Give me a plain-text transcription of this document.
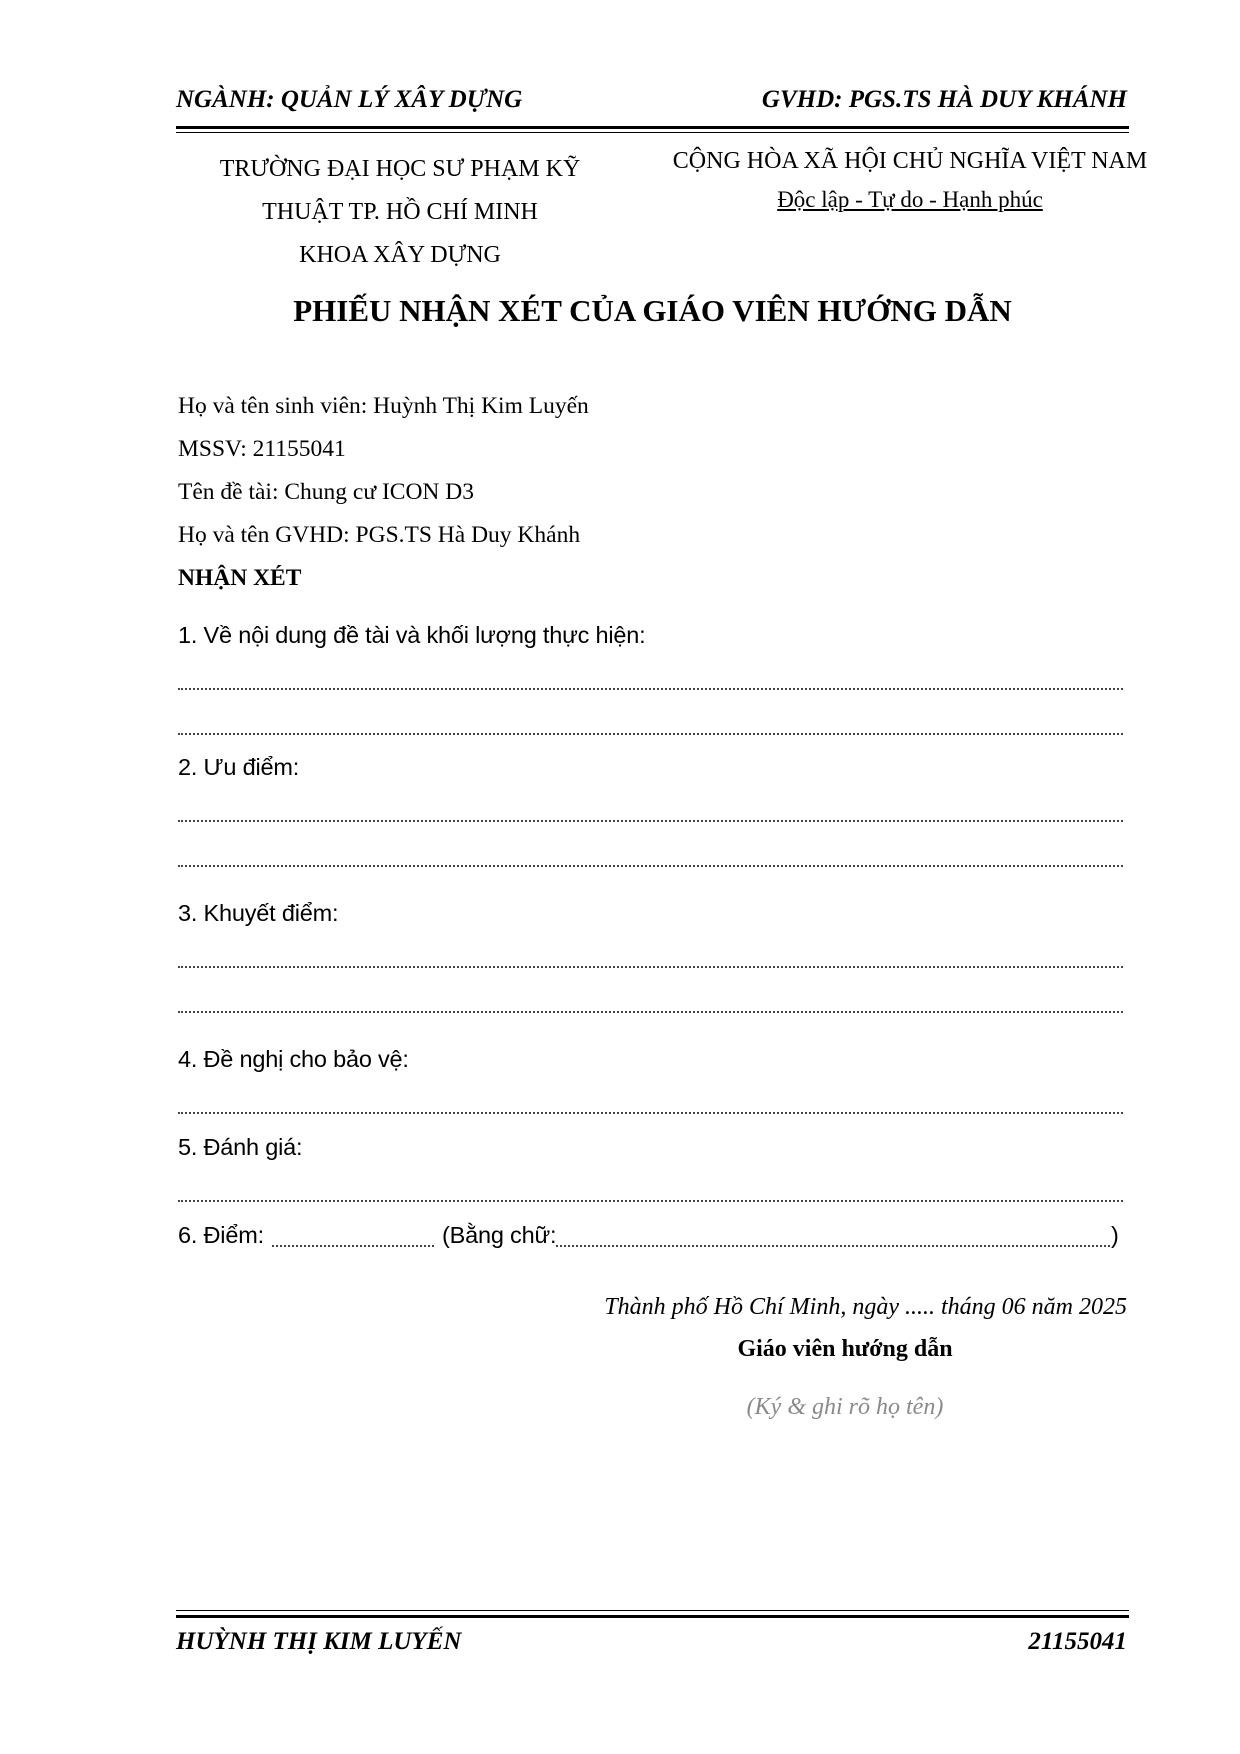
NGÀNH: QUẢN LÝ XÂY DỰNG	GVHD: PGS.TS HÀ DUY KHÁNH
TRƯỜNG ĐẠI HỌC SƯ PHẠM KỸ
THUẬT TP. HỒ CHÍ MINH
KHOA XÂY DỰNG
CỘNG HÒA XÃ HỘI CHỦ NGHĨA VIỆT NAM
Độc lập - Tự do - Hạnh phúc
PHIẾU NHẬN XÉT CỦA GIÁO VIÊN HƯỚNG DẪN
Họ và tên sinh viên: Huỳnh Thị Kim Luyến
MSSV: 21155041
Tên đề tài: Chung cư ICON D3
Họ và tên GVHD: PGS.TS Hà Duy Khánh
NHẬN XÉT
1. Về nội dung đề tài và khối lượng thực hiện:
2. Ưu điểm:
3. Khuyết điểm:
4. Đề nghị cho bảo vệ:
5. Đánh giá:
6. Điểm:	(Bằng chữ:	)
Thành phố Hồ Chí Minh, ngày ..... tháng 06 năm 2025
Giáo viên hướng dẫn
(Ký & ghi rõ họ tên)
HUỲNH THỊ KIM LUYẾN	21155041
